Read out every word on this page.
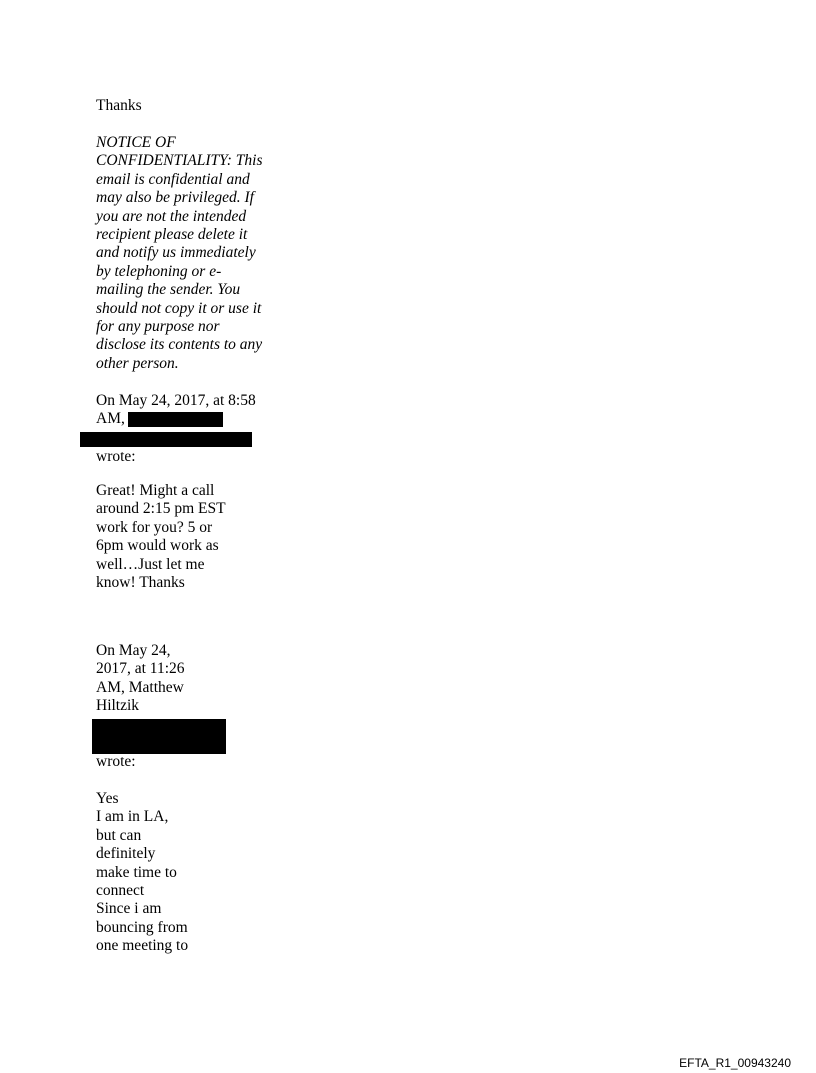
Thanks

NOTICE OF
CONFIDENTIALITY: This
email is confidential and
may also be privileged. If
you are not the intended
recipient please delete it
and notify us immediately
by telephoning or e-
mailing the sender. You
should not copy it or use it
for any purpose nor
disclose its contents to any
other person.

On May 24, 2017, at 8:58

AM,

wrote:

Great! Might a call
around 2:15 pm EST
work for you? 5 or
6pm would work as
well…Just let me
know! Thanks

On May 24,
2017, at 11:26
AM, Matthew
Hiltzik

wrote:

Yes
I am in LA,
but can
definitely
make time to
connect
Since i am
bouncing from
one meeting to

EFTA_R1_00943240
